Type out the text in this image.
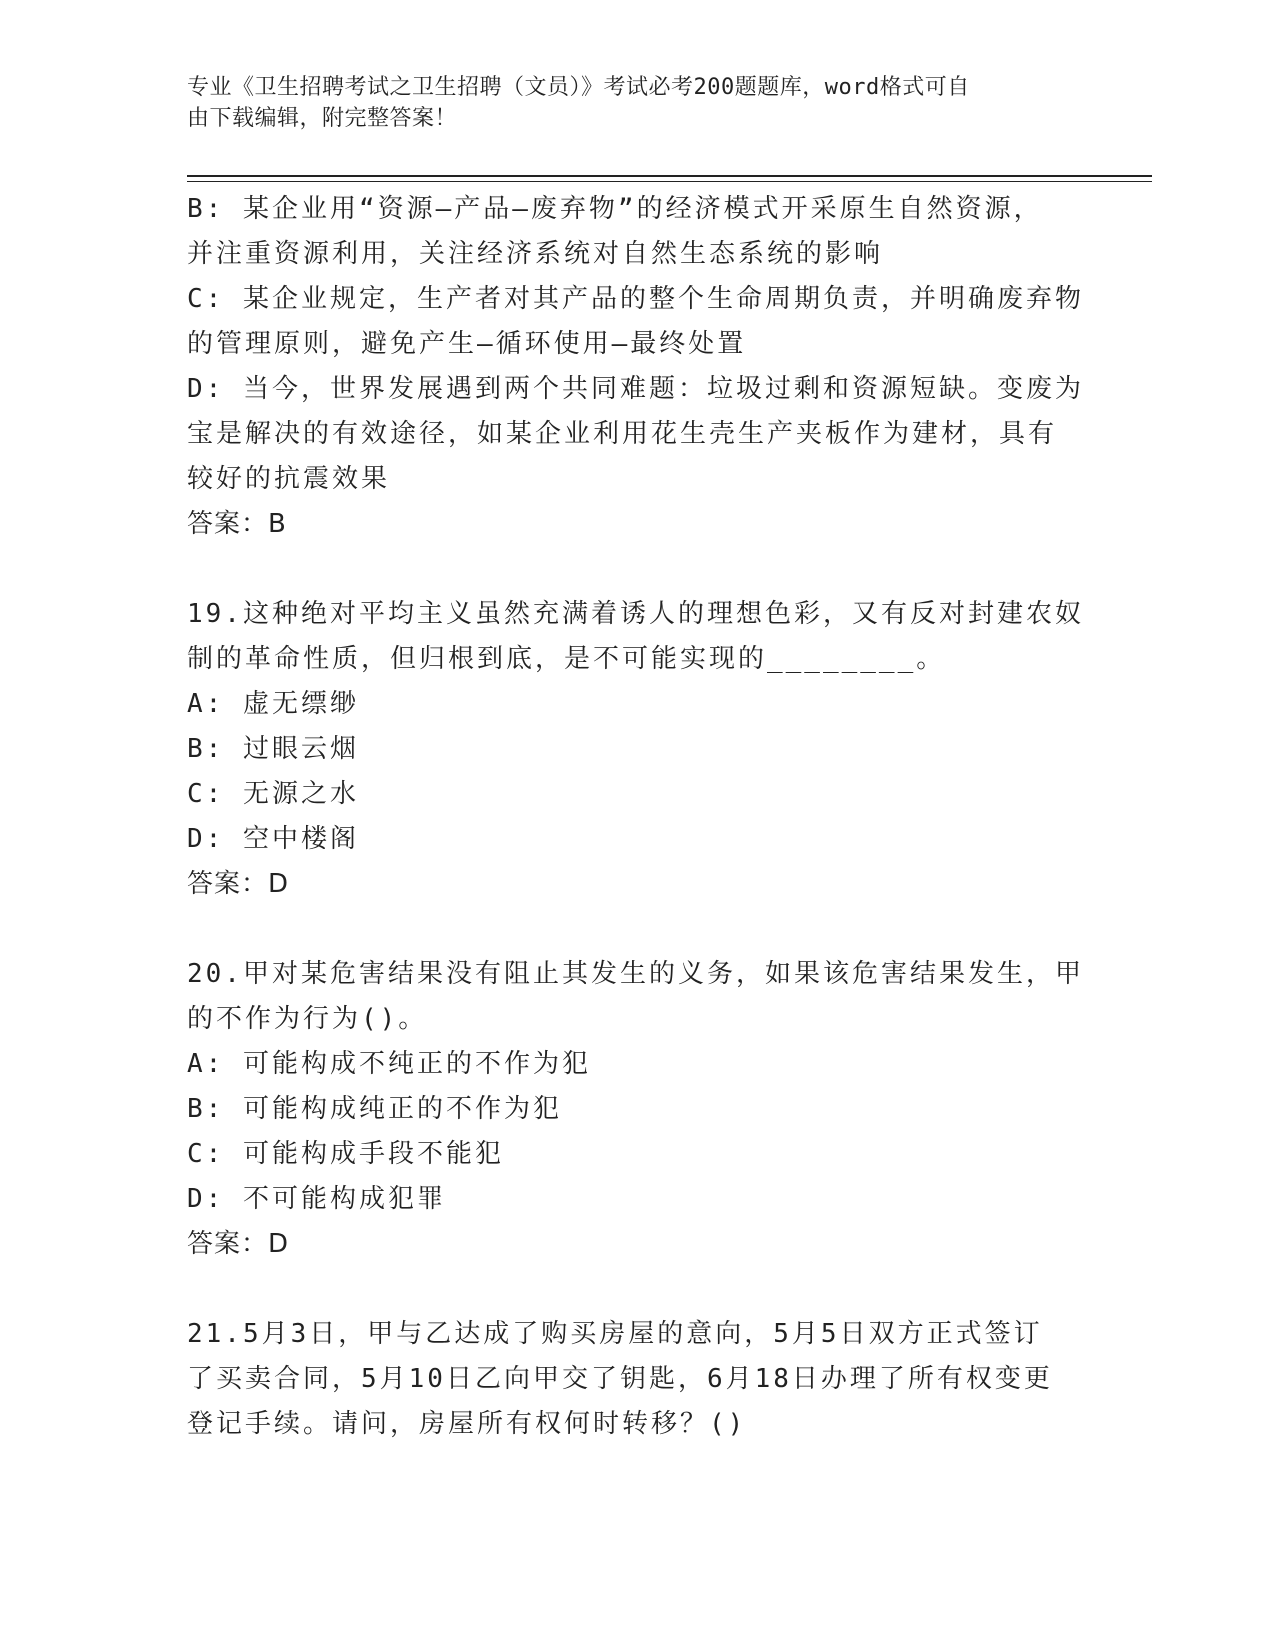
专业《卫生招聘考试之卫生招聘（文员）》考试必考200题题库，word格式可自
由下载编辑，附完整答案！
B: 某企业用“资源—产品—废弃物”的经济模式开采原生自然资源，
并注重资源利用，关注经济系统对自然生态系统的影响
C: 某企业规定，生产者对其产品的整个生命周期负责，并明确废弃物
的管理原则，避免产生—循环使用—最终处置
D: 当今，世界发展遇到两个共同难题：垃圾过剩和资源短缺。变废为
宝是解决的有效途径，如某企业利用花生壳生产夹板作为建材，具有
较好的抗震效果
答案：B
19.这种绝对平均主义虽然充满着诱人的理想色彩，又有反对封建农奴
制的革命性质，但归根到底，是不可能实现的________。
A: 虚无缥缈
B: 过眼云烟
C: 无源之水
D: 空中楼阁
答案：D
20.甲对某危害结果没有阻止其发生的义务，如果该危害结果发生，甲
的不作为行为()。
A: 可能构成不纯正的不作为犯
B: 可能构成纯正的不作为犯
C: 可能构成手段不能犯
D: 不可能构成犯罪
答案：D
21.5月3日，甲与乙达成了购买房屋的意向，5月5日双方正式签订
了买卖合同，5月10日乙向甲交了钥匙，6月18日办理了所有权变更
登记手续。请问，房屋所有权何时转移？()
